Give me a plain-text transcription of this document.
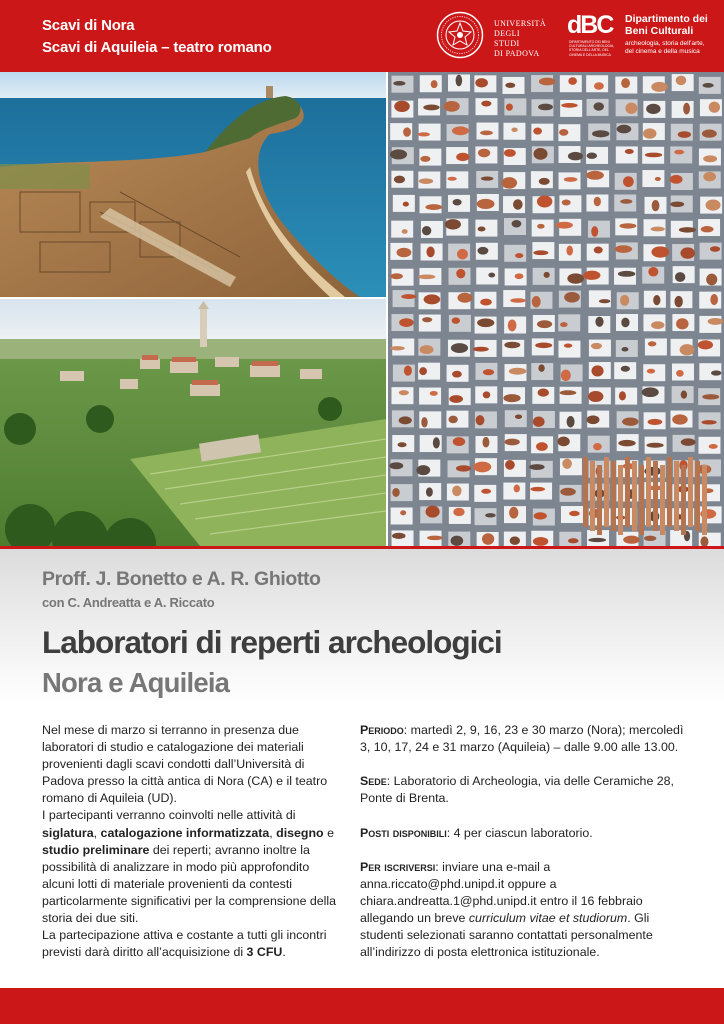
Scavi di Nora
Scavi di Aquileia – teatro romano
UNIVERSITÀ
DEGLI STUDI
DI PADOVA
dBC
DIPARTIMENTO DEI BENI CULTURALI ARCHEOLOGIA, STORIA DELL'ARTE, DEL CINEMA E DELLA MUSICA
Dipartimento dei
Beni Culturali
archeologia, storia dell’arte,
del cinema e della musica
Proff. J. Bonetto e A. R. Ghiotto
con C. Andreatta e A. Riccato
Laboratori di reperti archeologici
Nora e Aquileia
Nel mese di marzo si terranno in presenza due laboratori di studio e catalogazione dei materiali provenienti dagli scavi condotti dall’Università di Padova presso la città antica di Nora (CA) e il teatro romano di Aquileia (UD).
I partecipanti verranno coinvolti nelle attività di
siglatura, catalogazione informatizzata, disegno e studio preliminare dei reperti; avranno inoltre la possibilità di analizzare in modo più approfondito alcuni lotti di materiale provenienti da contesti particolarmente significativi per la comprensione della storia dei due siti.
La partecipazione attiva e costante a tutti gli incontri previsti darà diritto all’acquisizione di 3 CFU.

Periodo: martedì 2, 9, 16, 23 e 30 marzo (Nora); mercoledì 3, 10, 17, 24 e 31 marzo (Aquileia) – dalle 9.00 alle 13.00.

Sede: Laboratorio di Archeologia, via delle Ceramiche 28, Ponte di Brenta.

Posti disponibili: 4 per ciascun laboratorio.

Per iscriversi: inviare una e-mail a anna.riccato@phd.unipd.it oppure a chiara.andreatta.1@phd.unipd.it entro il 16 febbraio allegando un breve curriculum vitae et studiorum. Gli studenti selezionati saranno contattati personalmente all’indirizzo di posta elettronica istituzionale.
